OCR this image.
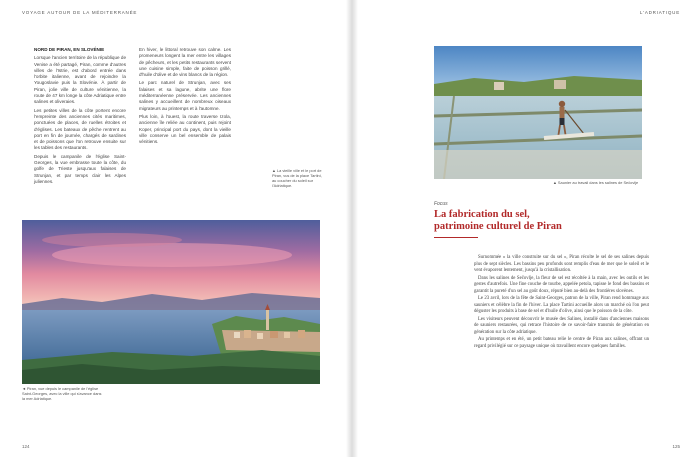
VOYAGE AUTOUR DE LA MÉDITERRANÉE

NORD DE PIRAN, EN SLOVÉNIE

Lorsque l'ancien territoire de la république de Venise a été partagé, Piran, comme d'autres villes de l'Istrie, est d'abord entrée dans l'orbite italienne, avant de rejoindre la Yougoslavie puis la Slovénie. À partir de Piran, jolie ville de culture vénitienne, la route de 47 km longe la côte Adriatique entre salines et oliveraies.

Les petites villes de la côte portent encore l'empreinte des anciennes cités maritimes, ponctuées de places, de ruelles étroites et d'églises. Les bateaux de pêche rentrent au port en fin de journée, chargés de sardines et de poissons que l'on retrouve ensuite sur les tables des restaurants.

Depuis le campanile de l'église Saint-Georges, la vue embrasse toute la côte, du golfe de Trieste jusqu'aux falaises de Strunjan, et par temps clair les Alpes juliennes.

En hiver, le littoral retrouve son calme. Les promeneurs longent la mer entre les villages de pêcheurs, et les petits restaurants servent une cuisine simple, faite de poisson grillé, d'huile d'olive et de vins blancs de la région.

Le parc naturel de Strunjan, avec ses falaises et sa lagune, abrite une flore méditerranéenne préservée. Les anciennes salines y accueillent de nombreux oiseaux migrateurs au printemps et à l'automne.

Plus loin, à l'ouest, la route traverse Izola, ancienne île reliée au continent, puis rejoint Koper, principal port du pays, dont la vieille ville conserve un bel ensemble de palais vénitiens.

▲ La vieille ville et le port de Piran, vus de la place Tartini, au coucher du soleil sur l'Adriatique.
◄ Piran, vue depuis le campanile de l'église Saint-Georges, avec la ville qui s'avance dans la mer Adriatique.
124
L'ADRIATIQUE
▲ Saunier au travail dans les salines de Sečovlje
Focus
La fabrication du sel,
patrimoine culturel de Piran

Surnommée « la ville construite sur du sel », Piran récolte le sel de ses salines depuis plus de sept siècles. Les bassins peu profonds sont remplis d'eau de mer que le soleil et le vent évaporent lentement, jusqu'à la cristallisation.

Dans les salines de Sečovlje, la fleur de sel est récoltée à la main, avec les outils et les gestes d'autrefois. Une fine couche de tourbe, appelée petola, tapisse le fond des bassins et garantit la pureté d'un sel au goût doux, réputé bien au-delà des frontières slovènes.

Le 23 avril, lors de la fête de Saint-Georges, patron de la ville, Piran rend hommage aux sauniers et célèbre la fin de l'hiver. La place Tartini accueille alors un marché où l'on peut déguster les produits à base de sel et d'huile d'olive, ainsi que le poisson de la côte.

Les visiteurs peuvent découvrir le musée des Salines, installé dans d'anciennes maisons de sauniers restaurées, qui retrace l'histoire de ce savoir-faire transmis de génération en génération sur la côte adriatique.

Au printemps et en été, un petit bateau relie le centre de Piran aux salines, offrant un regard privilégié sur ce paysage unique où travaillent encore quelques familles.

125
